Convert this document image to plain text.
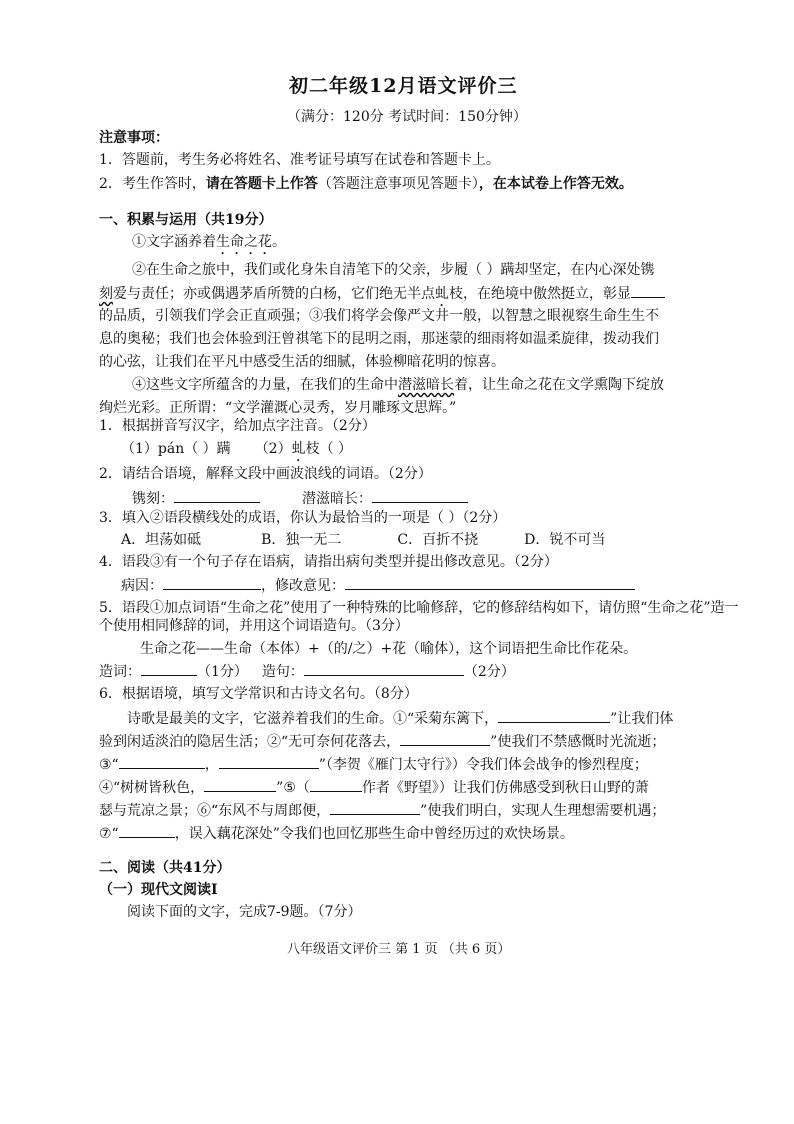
初二年级12月语文评价三
（满分：120分 考试时间：150分钟）
注意事项：
1．答题前，考生务必将姓名、准考证号填写在试卷和答题卡上。
2．考生作答时，请在答题卡上作答（答题注意事项见答题卡），在本试卷上作答无效。
一、积累与运用（共19分）
①文字涵养着生命之花。
②在生命之旅中，我们或化身朱自清笔下的父亲，步履（ ）蹒却坚定，在内心深处镌
刻爱与责任；亦或偶遇茅盾所赞的白杨，它们绝无半点虬枝，在绝境中傲然挺立，彰显
的品质，引领我们学会正直顽强；③我们将学会像严文井一般，以智慧之眼视察生命生生不
息的奥秘；我们也会体验到汪曾祺笔下的昆明之雨，那迷蒙的细雨将如温柔旋律，拨动我们
的心弦，让我们在平凡中感受生活的细腻，体验柳暗花明的惊喜。
④这些文字所蕴含的力量，在我们的生命中潜滋暗长着，让生命之花在文学熏陶下绽放
绚烂光彩。正所谓：“文学灌溉心灵秀，岁月雕琢文思辉。”
1．根据拼音写汉字，给加点字注音。（2分）
（1）pán（ ）蹒 （2）虬枝（ ）
2．请结合语境，解释文段中画波浪线的词语。（2分）
镌刻：	潜滋暗长：
3．填入②语段横线处的成语，你认为最恰当的一项是（ ）（2分）
A．坦荡如砥	B．独一无二	C．百折不挠	D．锐不可当
4．语段③有一个句子存在语病，请指出病句类型并提出修改意见。（2分）
病因：	，修改意见：
5．语段①加点词语“生命之花”使用了一种特殊的比喻修辞，它的修辞结构如下，请仿照“生命之花”造一
个使用相同修辞的词，并用这个词语造句。（3分）
生命之花——生命（本体）+（的/之）+花（喻体），这个词语把生命比作花朵。
造词：	（1分） 造句：	（2分）
6．根据语境，填写文学常识和古诗文名句。（8分）
诗歌是最美的文字，它滋养着我们的生命。①“采菊东篱下，	”让我们体
验到闲适淡泊的隐居生活；②“无可奈何花落去，	”使我们不禁感慨时光流逝；
③“	，	”（李贺《雁门太守行》）令我们体会战争的惨烈程度；
④“树树皆秋色，	”⑤（	作者《野望》）让我们仿佛感受到秋日山野的萧
瑟与荒凉之景；⑥“东风不与周郎便，	”使我们明白，实现人生理想需要机遇；
⑦“	，误入藕花深处”令我们也回忆那些生命中曾经历过的欢快场景。
二、阅读（共41分）
（一）现代文阅读Ⅰ
阅读下面的文字，完成7-9题。（7分）
八年级语文评价三 第 1 页 （共 6 页）
